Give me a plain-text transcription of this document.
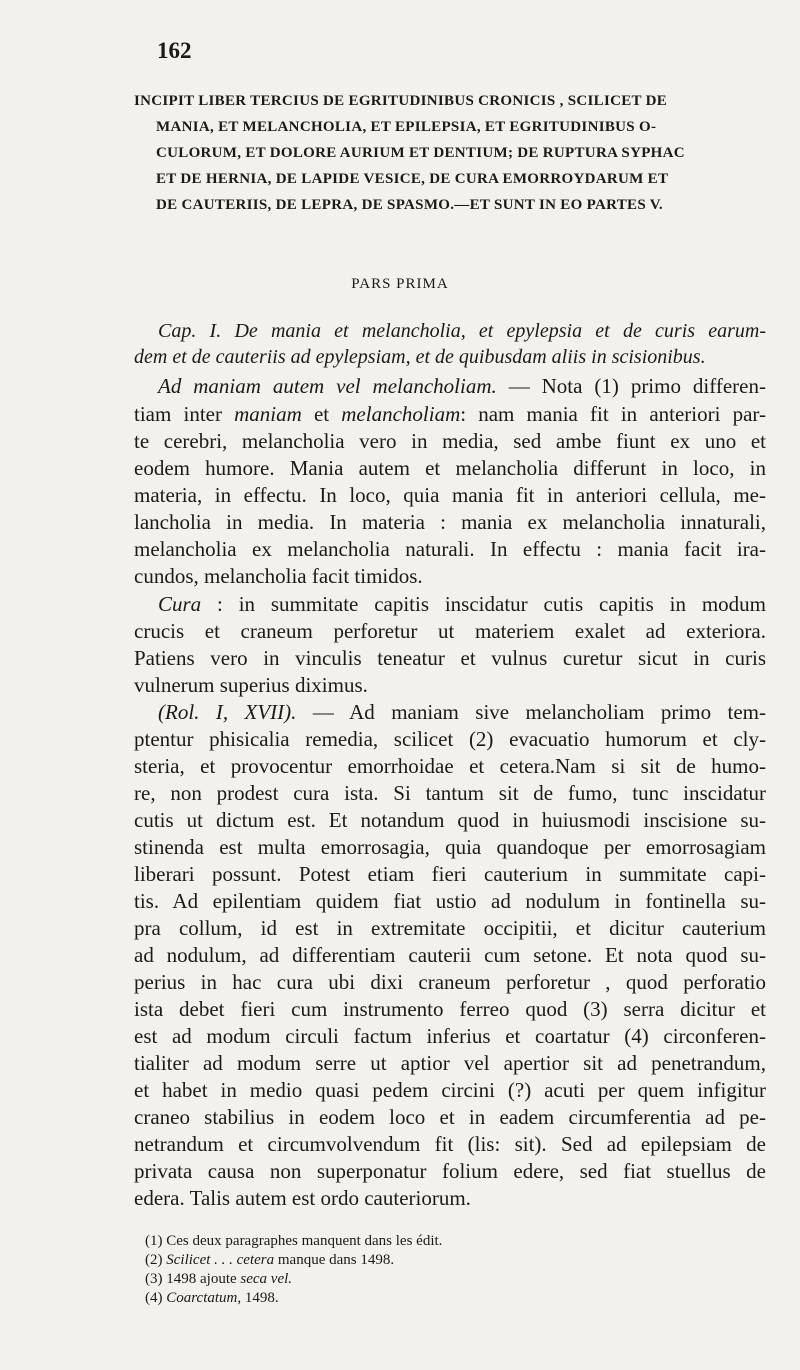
162
INCIPIT LIBER TERCIUS DE EGRITUDINIBUS CRONICIS , SCILICET DE
MANIA, ET MELANCHOLIA, ET EPILEPSIA, ET EGRITUDINIBUS O-
CULORUM, ET DOLORE AURIUM ET DENTIUM; DE RUPTURA SYPHAC
ET DE HERNIA, DE LAPIDE VESICE, DE CURA EMORROYDARUM ET
DE CAUTERIIS, DE LEPRA, DE SPASMO.—ET SUNT IN EO PARTES V.
PARS PRIMA
Cap. I. De mania et melancholia, et epylepsia et de curis earum-
dem et de cauteriis ad epylepsiam, et de quibusdam aliis in scisionibus.
Ad maniam autem vel melancholiam. — Nota (1) primo differen-
tiam inter maniam et melancholiam: nam mania fit in anteriori par-
te cerebri, melancholia vero in media, sed ambe fiunt ex uno et
eodem humore. Mania autem et melancholia differunt in loco, in
materia, in effectu. In loco, quia mania fit in anteriori cellula, me-
lancholia in media. In materia : mania ex melancholia innaturali,
melancholia ex melancholia naturali. In effectu : mania facit ira-
cundos, melancholia facit timidos.
Cura : in summitate capitis inscidatur cutis capitis in modum
crucis et craneum perforetur ut materiem exalet ad exteriora.
Patiens vero in vinculis teneatur et vulnus curetur sicut in curis
vulnerum superius diximus.
(Rol. I, XVII). — Ad maniam sive melancholiam primo tem-
ptentur phisicalia remedia, scilicet (2) evacuatio humorum et cly-
steria, et provocentur emorrhoidae et cetera.Nam si sit de humo-
re, non prodest cura ista. Si tantum sit de fumo, tunc inscidatur
cutis ut dictum est. Et notandum quod in huiusmodi inscisione su-
stinenda est multa emorrosagia, quia quandoque per emorrosagiam
liberari possunt. Potest etiam fieri cauterium in summitate capi-
tis. Ad epilentiam quidem fiat ustio ad nodulum in fontinella su-
pra collum, id est in extremitate occipitii, et dicitur cauterium
ad nodulum, ad differentiam cauterii cum setone. Et nota quod su-
perius in hac cura ubi dixi craneum perforetur , quod perforatio
ista debet fieri cum instrumento ferreo quod (3) serra dicitur et
est ad modum circuli factum inferius et coartatur (4) circonferen-
tialiter ad modum serre ut aptior vel apertior sit ad penetrandum,
et habet in medio quasi pedem circini (?) acuti per quem infigitur
craneo stabilius in eodem loco et in eadem circumferentia ad pe-
netrandum et circumvolvendum fit (lis: sit). Sed ad epilepsiam de
privata causa non superponatur folium edere, sed fiat stuellus de
edera. Talis autem est ordo cauteriorum.
(1) Ces deux paragraphes manquent dans les édit.
(2) Scilicet . . . cetera manque dans 1498.
(3) 1498 ajoute seca vel.
(4) Coarctatum, 1498.
